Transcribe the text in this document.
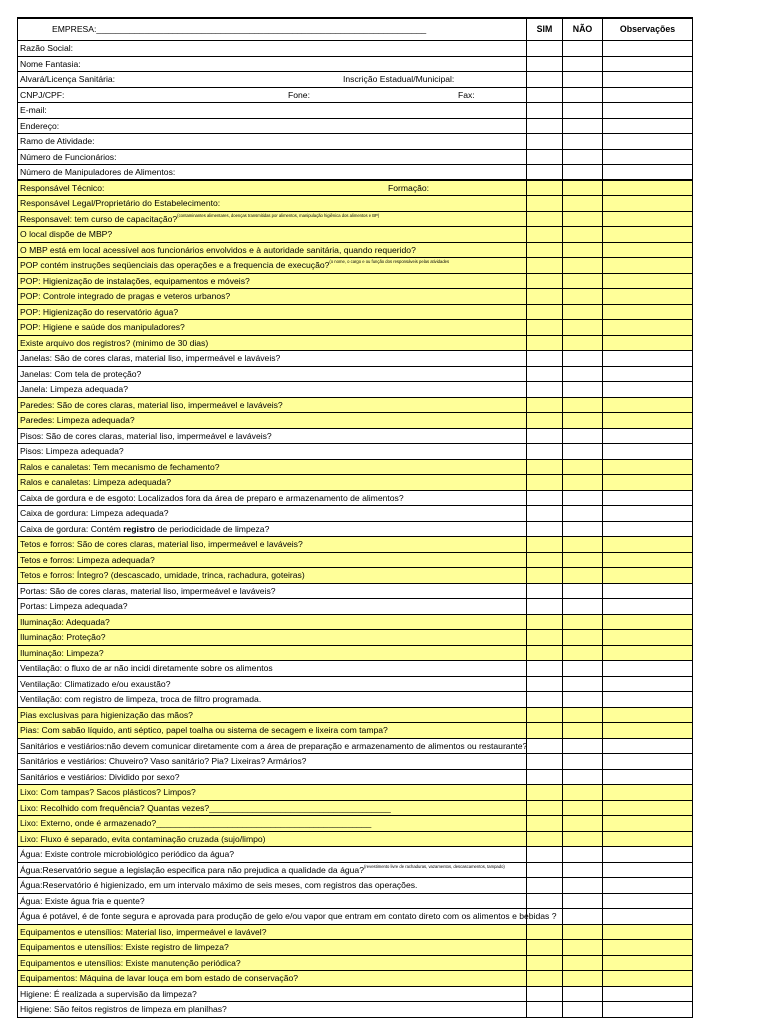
EMPRESA:_____________________________________________________________________	SIM	NÃO	Observações
Razão Social:
Nome Fantasia:
Alvará/Licença Sanitária:	Inscrição Estadual/Municipal:
CNPJ/CPF:	Fone:	Fax:
E-mail:
Endereço:
Ramo de Atividade:
Número de Funcionários:
Número de Manipuladores de Alimentos:
Responsável Técnico:	Formação:
Responsável Legal/Proprietário do Estabelecimento:
Responsavel: tem curso de capacitação?$^{(contaminantes alimentares, doenças transmitidas por alimentos, manipulação higiênica dos alimentos e BP)}$
O local dispõe de MBP?
O MBP está em local acessível aos funcionários envolvidos e à autoridade sanitária, quando requerido?
POP contém instruções seqüenciais das operações e a frequencia de execução?$^{(o nome, o cargo e ou função dos responsáveis pelas atividades}$
POP: Higienização de instalações, equipamentos e móveis?
POP: Controle integrado de pragas e veteros urbanos?
POP: Higienização do reservatório água?
POP: Higiene e saúde dos manipuladores?
Existe arquivo dos registros? (minimo de 30 dias)
Janelas: São de cores claras, material liso, impermeável e laváveis?
Janelas: Com tela de proteção?
Janela: Limpeza adequada?
Paredes: São de cores claras, material liso, impermeável e laváveis?
Paredes: Limpeza adequada?
Pisos: São de cores claras, material liso, impermeável e laváveis?
Pisos: Limpeza adequada?
Ralos e canaletas: Tem mecanismo de fechamento?
Ralos e canaletas: Limpeza adequada?
Caixa de gordura e de esgoto: Localizados fora da área de preparo e armazenamento de alimentos?
Caixa de gordura: Limpeza adequada?
Caixa de gordura: Contém registro de periodicidade de limpeza?
Tetos e forros: São de cores claras, material liso, impermeável e laváveis?
Tetos e forros: Limpeza adequada?
Tetos e forros: Íntegro? (descascado, umidade, trinca, rachadura, goteiras)
Portas: São de cores claras, material liso, impermeável e laváveis?
Portas: Limpeza adequada?
Iluminação: Adequada?
Iluminação: Proteção?
Iluminação: Limpeza?
Ventilação: o fluxo de ar não incidi diretamente sobre os alimentos
Ventilação: Climatizado e/ou exaustão?
Ventilação: com registro de limpeza, troca de filtro programada.
Pias exclusivas para higienização das mãos?
Pias: Com sabão líquido, anti séptico, papel toalha ou sistema de secagem e lixeira com tampa?
Sanitários e vestiários:não devem comunicar diretamente com a área de preparação e armazenamento de alimentos ou restaurante?
Sanitários e vestiários: Chuveiro? Vaso sanitário? Pia? Lixeiras? Armários?
Sanitários e vestiários: Dividido por sexo?
Lixo: Com tampas? Sacos plásticos? Limpos?
Lixo: Recolhido com frequência? Quantas vezes?______________________________________
Lixo: Externo, onde é armazenado?_____________________________________________
Lixo: Fluxo é separado, evita contaminação cruzada (sujo/limpo)
Água: Existe controle microbiológico periódico da água?
Água:Reservatório segue a legislação especifica para não prejudica a qualidade da água?$^{(revestimento livre de rachaduras, vazamentos, descascamentos, tampado)}$
Água:Reservatório é higienizado, em um intervalo máximo de seis meses, com registros das operações.
Água: Existe água fria e quente?
Água é potável, é de fonte segura e aprovada para produção de gelo e/ou vapor que entram em contato direto com os alimentos e bebidas ?
Equipamentos e utensílios: Material liso, impermeável e lavável?
Equipamentos e utensílios: Existe registro de limpeza?
Equipamentos e utensílios: Existe manutenção periódica?
Equipamentos: Máquina de lavar louça em bom estado de conservação?
Higiene: É realizada a supervisão da limpeza?
Higiene: São feitos registros de limpeza em planilhas?
